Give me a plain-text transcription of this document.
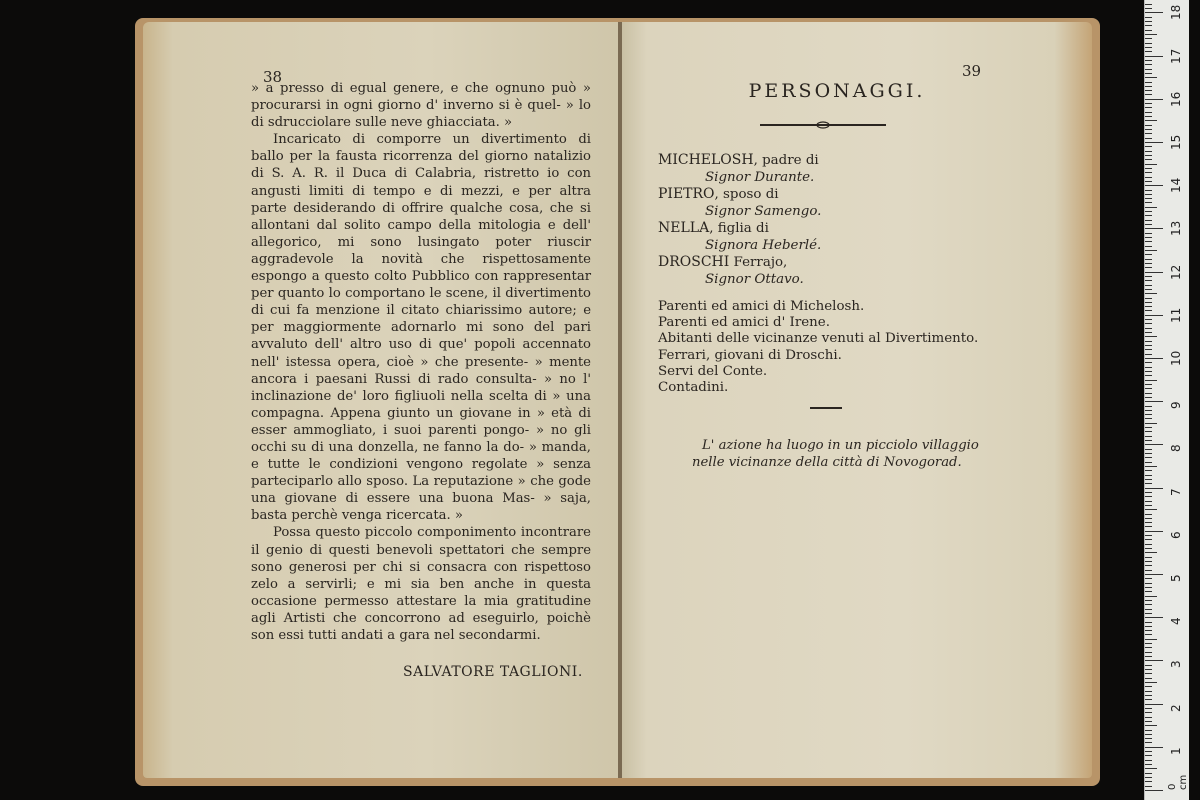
38

» a presso di egual genere, e che ognuno può » procurarsi in ogni giorno d' inverno si è quel- » lo di sdrucciolare sulle neve ghiacciata. »

Incaricato di comporre un divertimento di ballo per la fausta ricorrenza del giorno natalizio di S. A. R. il Duca di Calabria, ristretto io con angusti limiti di tempo e di mezzi, e per altra parte desiderando di offrire qualche cosa, che si allontani dal solito campo della mitologia e dell' allegorico, mi sono lusingato poter riuscir aggradevole la novità che rispettosamente espongo a questo colto Pubblico con rappresentar per quanto lo comportano le scene, il divertimento di cui fa menzione il citato chiarissimo autore; e per maggiormente adornarlo mi sono del pari avvaluto dell' altro uso di que' popoli accennato nell' istessa opera, cioè » che presente- » mente ancora i paesani Russi di rado consulta- » no l' inclinazione de' loro figliuoli nella scelta di » una compagna. Appena giunto un giovane in » età di esser ammogliato, i suoi parenti pongo- » no gli occhi su di una donzella, ne fanno la do- » manda, e tutte le condizioni vengono regolate » senza parteciparlo allo sposo. La reputazione » che gode una giovane di essere una buona Mas- » saja, basta perchè venga ricercata. »

Possa questo piccolo componimento incontrare il genio di questi benevoli spettatori che sempre sono generosi per chi si consacra con rispettoso zelo a servirli; e mi sia ben anche in questa occasione permesso attestare la mia gratitudine agli Artisti che concorrono ad eseguirlo, poichè son essi tutti andati a gara nel secondarmi.

SALVATORE TAGLIONI.
39
PERSONAGGI.
MICHELOSH, padre di
Signor Durante.
PIETRO, sposo di
Signor Samengo.
NELLA, figlia di
Signora Heberlé.
DROSCHI Ferrajo,
Signor Ottavo.
Parenti ed amici di Michelosh.
Parenti ed amici d' Irene.
Abitanti delle vicinanze venuti al Divertimento.
Ferrari, giovani di Droschi.
Servi del Conte.
Contadini.
L' azione ha luogo in un picciolo villaggio
nelle vicinanze della città di Novogorad.
0 cm
1
2
3
4
5
6
7
8
9
10
11
12
13
14
15
16
17
18
